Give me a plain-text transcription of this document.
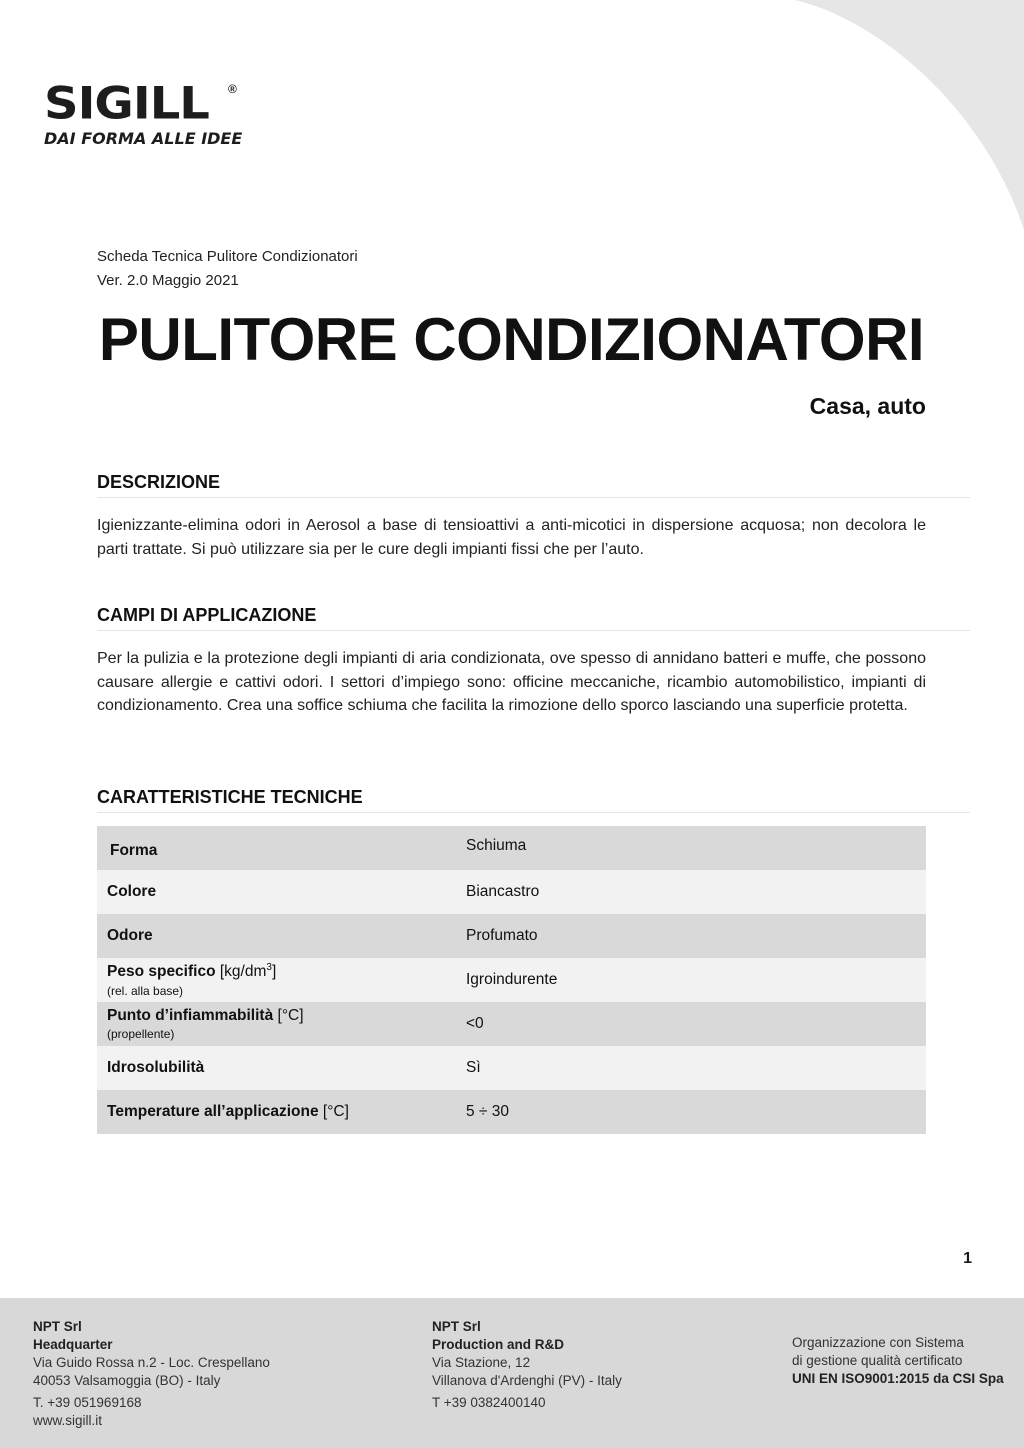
SIGILL ®
DAI FORMA ALLE IDEE
Scheda Tecnica Pulitore Condizionatori
Ver. 2.0 Maggio 2021
PULITORE CONDIZIONATORI
Casa, auto
DESCRIZIONE

Igienizzante-elimina odori in Aerosol a base di tensioattivi a anti-micotici in dispersione acquosa; non decolora le parti trattate. Si può utilizzare sia per le cure degli impianti fissi che per l’auto.

CAMPI DI APPLICAZIONE

Per la pulizia e la protezione degli impianti di aria condizionata, ove spesso di annidano batteri e muffe, che possono causare allergie e cattivi odori. I settori d’impiego sono: officine meccaniche, ricambio automobilistico, impianti di condizionamento. Crea una soffice schiuma che facilita la rimozione dello sporco lasciando una superficie protetta.

CARATTERISTICHE TECNICHE
Forma	Schiuma
Colore	Biancastro
Odore	Profumato
Peso specifico $[kg/dm^3]$
(rel. alla base)	Igroindurente
Punto d’infiammabilità [°C]
(propellente)	<0
Idrosolubilità	Sì
Temperature all’applicazione [°C]	5 ÷ 30
1
NPT Srl
Headquarter
Via Guido Rossa n.2 - Loc. Crespellano
40053 Valsamoggia (BO) - Italy
T. +39 051969168
www.sigill.it
NPT Srl
Production and R&D
Via Stazione, 12
Villanova d'Ardenghi (PV) - Italy
T +39 0382400140
Organizzazione con Sistema
di gestione qualità certificato
UNI EN ISO9001:2015 da CSI Spa
